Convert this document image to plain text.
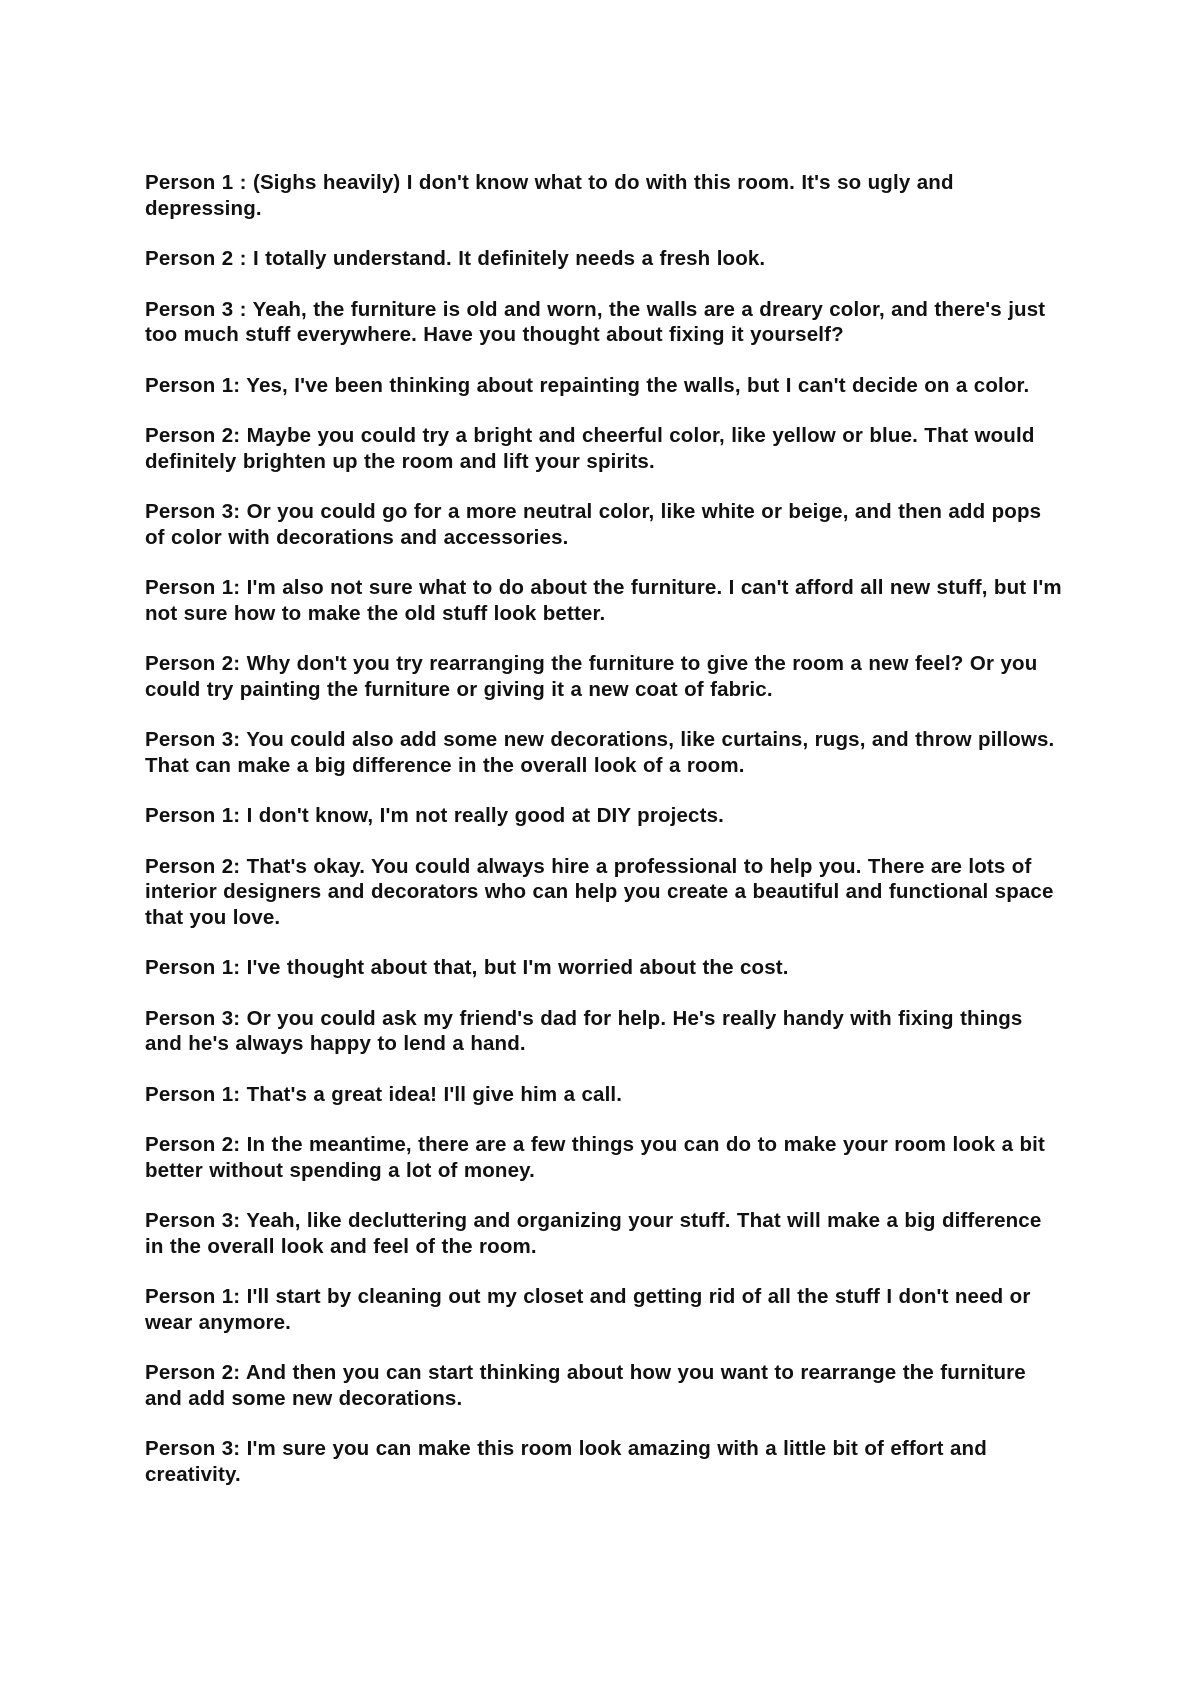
Person 1 : (Sighs heavily) I don't know what to do with this room. It's so ugly and depressing.

Person 2 : I totally understand. It definitely needs a fresh look.

Person 3 : Yeah, the furniture is old and worn, the walls are a dreary color, and there's just too much stuff everywhere. Have you thought about fixing it yourself?

Person 1: Yes, I've been thinking about repainting the walls, but I can't decide on a color.

Person 2: Maybe you could try a bright and cheerful color, like yellow or blue. That would definitely brighten up the room and lift your spirits.

Person 3: Or you could go for a more neutral color, like white or beige, and then add pops of color with decorations and accessories.

Person 1: I'm also not sure what to do about the furniture. I can't afford all new stuff, but I'm not sure how to make the old stuff look better.

Person 2: Why don't you try rearranging the furniture to give the room a new feel? Or you could try painting the furniture or giving it a new coat of fabric.

Person 3: You could also add some new decorations, like curtains, rugs, and throw pillows. That can make a big difference in the overall look of a room.

Person 1: I don't know, I'm not really good at DIY projects.

Person 2: That's okay. You could always hire a professional to help you. There are lots of interior designers and decorators who can help you create a beautiful and functional space that you love.

Person 1: I've thought about that, but I'm worried about the cost.

Person 3: Or you could ask my friend's dad for help. He's really handy with fixing things and he's always happy to lend a hand.

Person 1: That's a great idea! I'll give him a call.

Person 2: In the meantime, there are a few things you can do to make your room look a bit better without spending a lot of money.

Person 3: Yeah, like decluttering and organizing your stuff. That will make a big difference in the overall look and feel of the room.

Person 1: I'll start by cleaning out my closet and getting rid of all the stuff I don't need or wear anymore.

Person 2: And then you can start thinking about how you want to rearrange the furniture and add some new decorations.

Person 3: I'm sure you can make this room look amazing with a little bit of effort and creativity.
